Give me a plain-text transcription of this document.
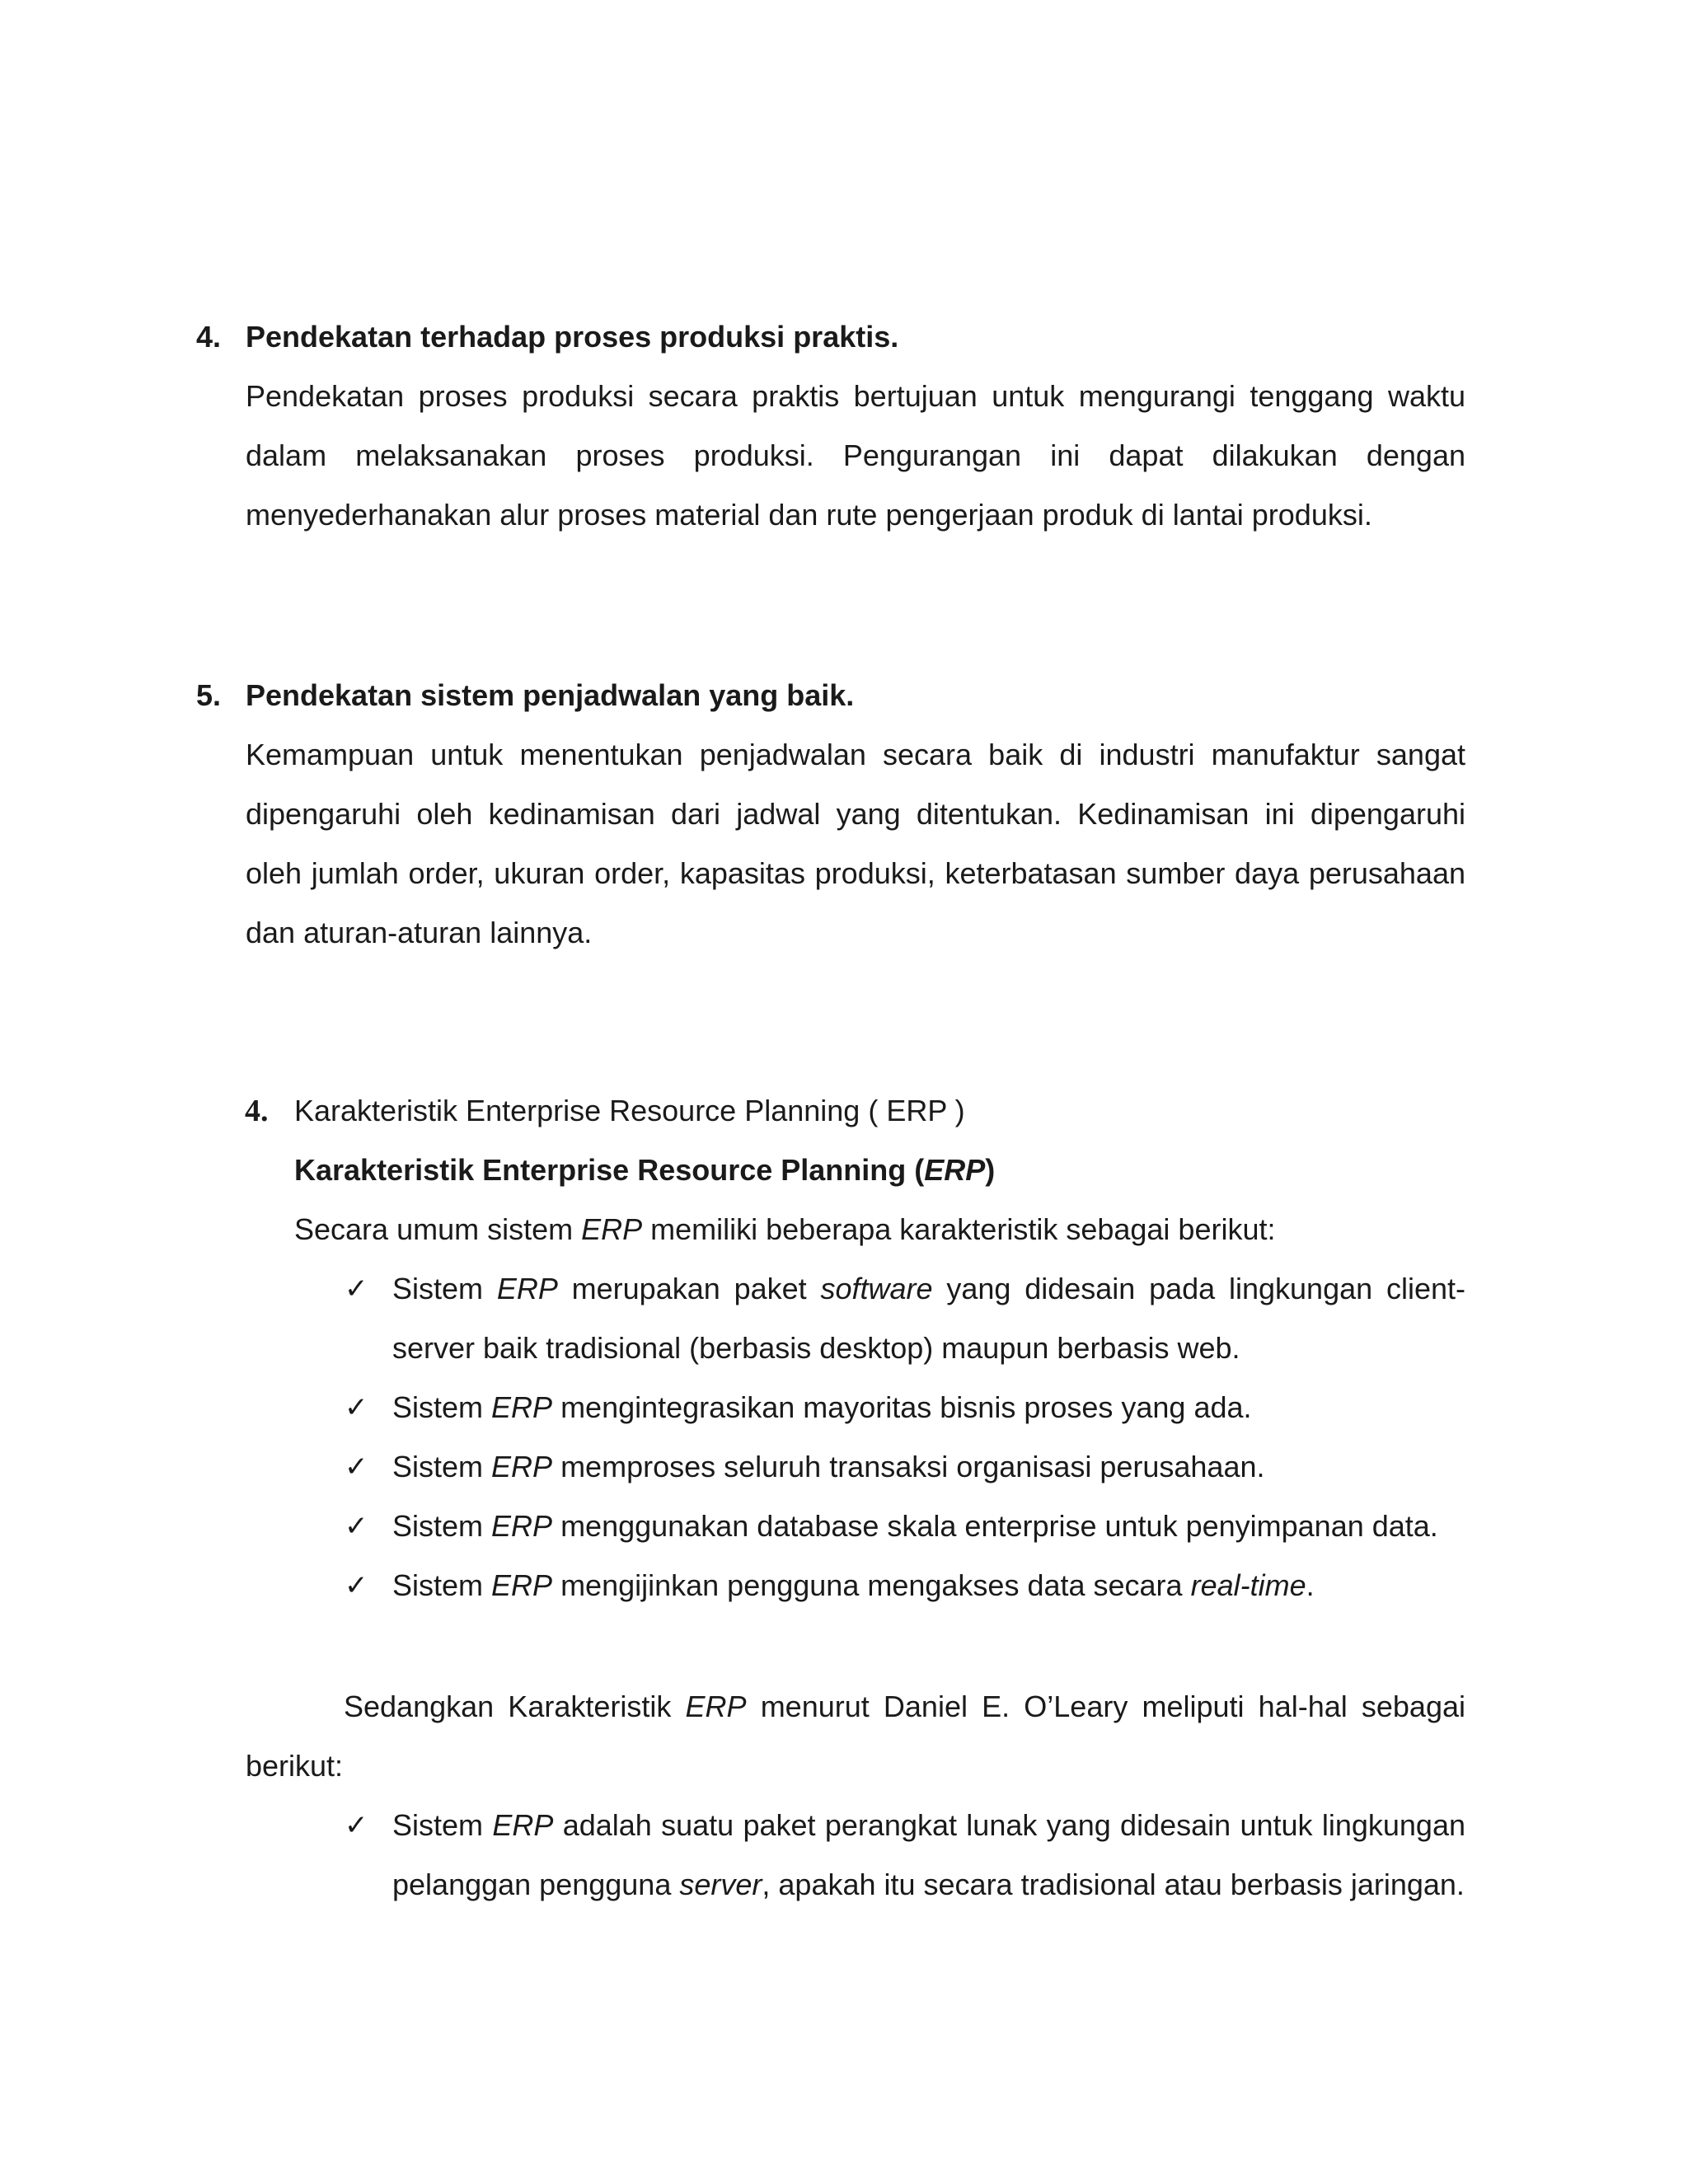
4. Pendekatan terhadap proses produksi praktis.
Pendekatan proses produksi secara praktis bertujuan untuk mengurangi tenggang waktu
dalam melaksanakan proses produksi. Pengurangan ini dapat dilakukan dengan
menyederhanakan alur proses material dan rute pengerjaan produk di lantai produksi.
5. Pendekatan sistem penjadwalan yang baik.
Kemampuan untuk menentukan penjadwalan secara baik di industri manufaktur sangat
dipengaruhi oleh kedinamisan dari jadwal yang ditentukan. Kedinamisan ini dipengaruhi
oleh jumlah order, ukuran order, kapasitas produksi, keterbatasan sumber daya perusahaan
dan aturan-aturan lainnya.
4. Karakteristik Enterprise Resource Planning ( ERP )
Karakteristik Enterprise Resource Planning (ERP)
Secara umum sistem ERP memiliki beberapa karakteristik sebagai berikut:
✓ Sistem ERP merupakan paket software yang didesain pada lingkungan client-
server baik tradisional (berbasis desktop) maupun berbasis web.
✓ Sistem ERP mengintegrasikan mayoritas bisnis proses yang ada.
✓ Sistem ERP memproses seluruh transaksi organisasi perusahaan.
✓ Sistem ERP menggunakan database skala enterprise untuk penyimpanan data.
✓ Sistem ERP mengijinkan pengguna mengakses data secara real-time.
Sedangkan Karakteristik ERP menurut Daniel E. O’Leary meliputi hal-hal sebagai
berikut:
✓ Sistem ERP adalah suatu paket perangkat lunak yang didesain untuk lingkungan
pelanggan pengguna server, apakah itu secara tradisional atau berbasis jaringan.
